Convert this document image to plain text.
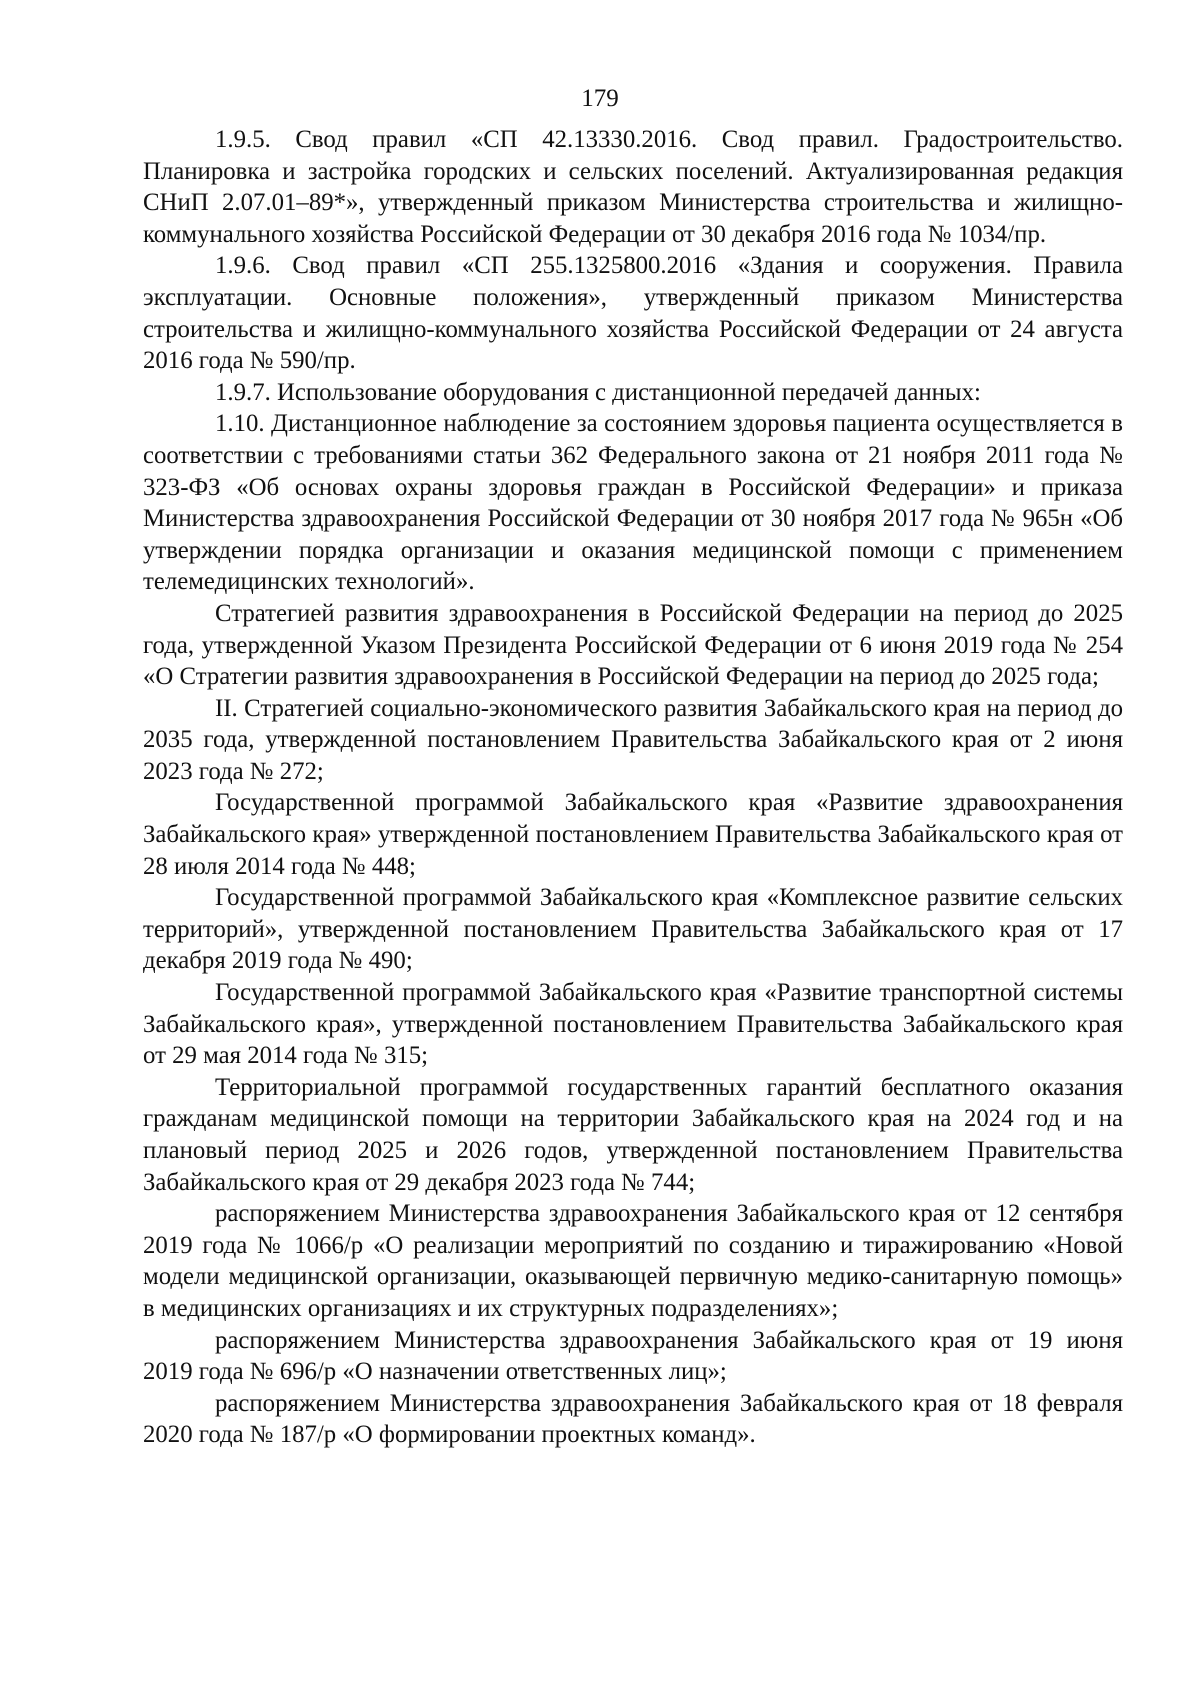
179

1.9.5. Свод правил «СП 42.13330.2016. Свод правил. Градостроительство. Планировка и застройка городских и сельских поселений. Актуализированная редакция СНиП 2.07.01–89*», утвержденный приказом Министерства строительства и жилищно-коммунального хозяйства Российской Федерации от 30 декабря 2016 года № 1034/пр.

1.9.6. Свод правил «СП 255.1325800.2016 «Здания и сооружения. Правила эксплуатации. Основные положения», утвержденный приказом Министерства строительства и жилищно-коммунального хозяйства Российской Федерации от 24 августа 2016 года № 590/пр.

1.9.7. Использование оборудования с дистанционной передачей данных:

1.10. Дистанционное наблюдение за состоянием здоровья пациента осуществляется в соответствии с требованиями статьи 362 Федерального закона от 21 ноября 2011 года № 323-ФЗ «Об основах охраны здоровья граждан в Российской Федерации» и приказа Министерства здравоохранения Российской Федерации от 30 ноября 2017 года № 965н «Об утверждении порядка организации и оказания медицинской помощи с применением телемедицинских технологий».

Стратегией развития здравоохранения в Российской Федерации на период до 2025 года, утвержденной Указом Президента Российской Федерации от 6 июня 2019 года № 254 «О Стратегии развития здравоохранения в Российской Федерации на период до 2025 года;

II. Стратегией социально-экономического развития Забайкальского края на период до 2035 года, утвержденной постановлением Правительства Забайкальского края от 2 июня 2023 года № 272;

Государственной программой Забайкальского края «Развитие здравоохранения Забайкальского края» утвержденной постановлением Правительства Забайкальского края от 28 июля 2014 года № 448;

Государственной программой Забайкальского края «Комплексное развитие сельских территорий», утвержденной постановлением Правительства Забайкальского края от 17 декабря 2019 года № 490;

Государственной программой Забайкальского края «Развитие транспортной системы Забайкальского края», утвержденной постановлением Правительства Забайкальского края от 29 мая 2014 года № 315;

Территориальной программой государственных гарантий бесплатного оказания гражданам медицинской помощи на территории Забайкальского края на 2024 год и на плановый период 2025 и 2026 годов, утвержденной постановлением Правительства Забайкальского края от 29 декабря 2023 года № 744;

распоряжением Министерства здравоохранения Забайкальского края от 12 сентября 2019 года № 1066/р «О реализации мероприятий по созданию и тиражированию «Новой модели медицинской организации, оказывающей первичную медико-санитарную помощь» в медицинских организациях и их структурных подразделениях»;

распоряжением Министерства здравоохранения Забайкальского края от 19 июня 2019 года № 696/р «О назначении ответственных лиц»;

распоряжением Министерства здравоохранения Забайкальского края от 18 февраля 2020 года № 187/р «О формировании проектных команд».
